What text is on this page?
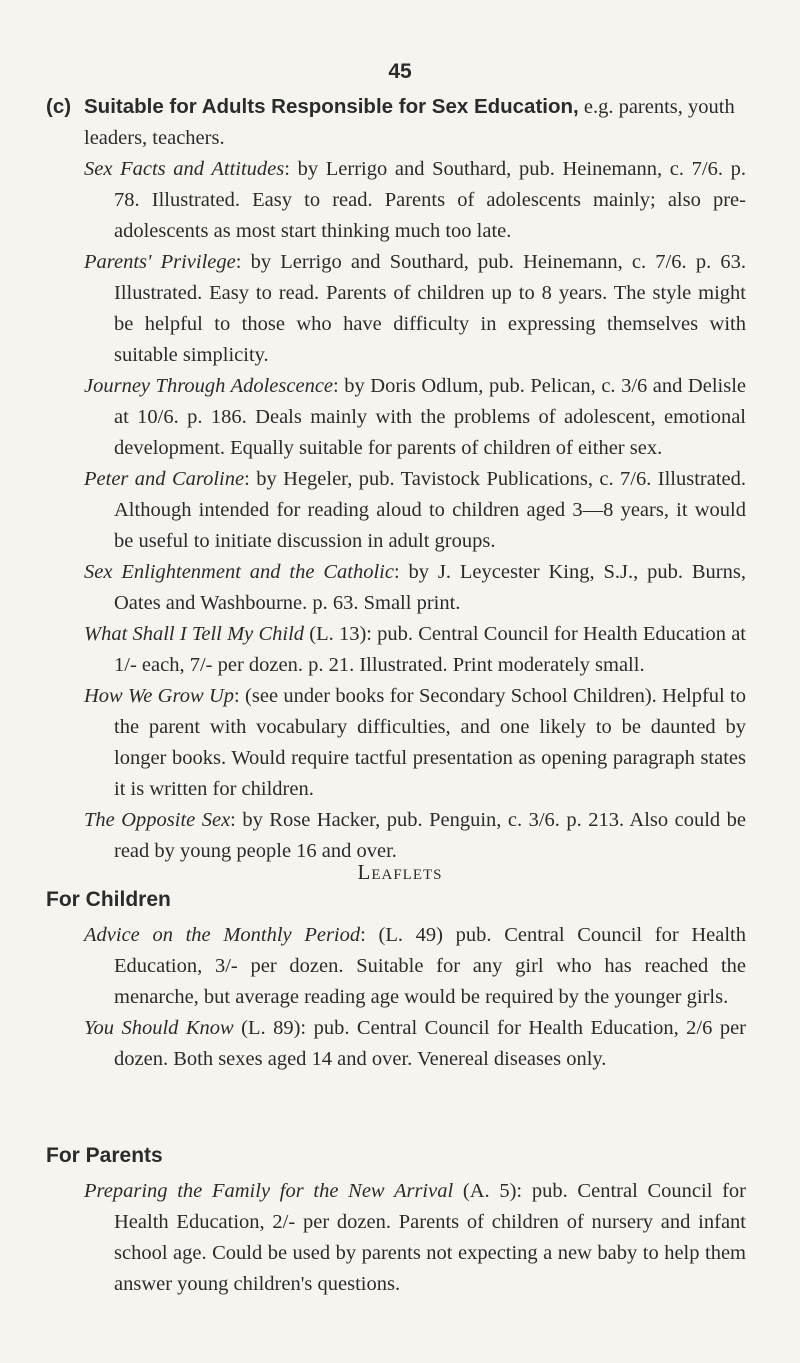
45
(c) Suitable for Adults Responsible for Sex Education, e.g. parents, youth leaders, teachers.
Sex Facts and Attitudes: by Lerrigo and Southard, pub. Heinemann, c. 7/6. p. 78. Illustrated. Easy to read. Parents of adolescents mainly; also pre-adolescents as most start thinking much too late.
Parents' Privilege: by Lerrigo and Southard, pub. Heinemann, c. 7/6. p. 63. Illustrated. Easy to read. Parents of children up to 8 years. The style might be helpful to those who have difficulty in expressing themselves with suitable simplicity.
Journey Through Adolescence: by Doris Odlum, pub. Pelican, c. 3/6 and Delisle at 10/6. p. 186. Deals mainly with the problems of adolescent, emotional development. Equally suitable for parents of children of either sex.
Peter and Caroline: by Hegeler, pub. Tavistock Publications, c. 7/6. Illustrated. Although intended for reading aloud to children aged 3—8 years, it would be useful to initiate discussion in adult groups.
Sex Enlightenment and the Catholic: by J. Leycester King, S.J., pub. Burns, Oates and Washbourne. p. 63. Small print.
What Shall I Tell My Child (L. 13): pub. Central Council for Health Education at 1/- each, 7/- per dozen. p. 21. Illustrated. Print moderately small.
How We Grow Up: (see under books for Secondary School Children). Helpful to the parent with vocabulary difficulties, and one likely to be daunted by longer books. Would require tactful presentation as opening paragraph states it is written for children.
The Opposite Sex: by Rose Hacker, pub. Penguin, c. 3/6. p. 213. Also could be read by young people 16 and over.
Leaflets
For Children
Advice on the Monthly Period: (L. 49) pub. Central Council for Health Education, 3/- per dozen. Suitable for any girl who has reached the menarche, but average reading age would be required by the younger girls.
You Should Know (L. 89): pub. Central Council for Health Education, 2/6 per dozen. Both sexes aged 14 and over. Venereal diseases only.
For Parents
Preparing the Family for the New Arrival (A. 5): pub. Central Council for Health Education, 2/- per dozen. Parents of children of nursery and infant school age. Could be used by parents not expecting a new baby to help them answer young children's questions.
